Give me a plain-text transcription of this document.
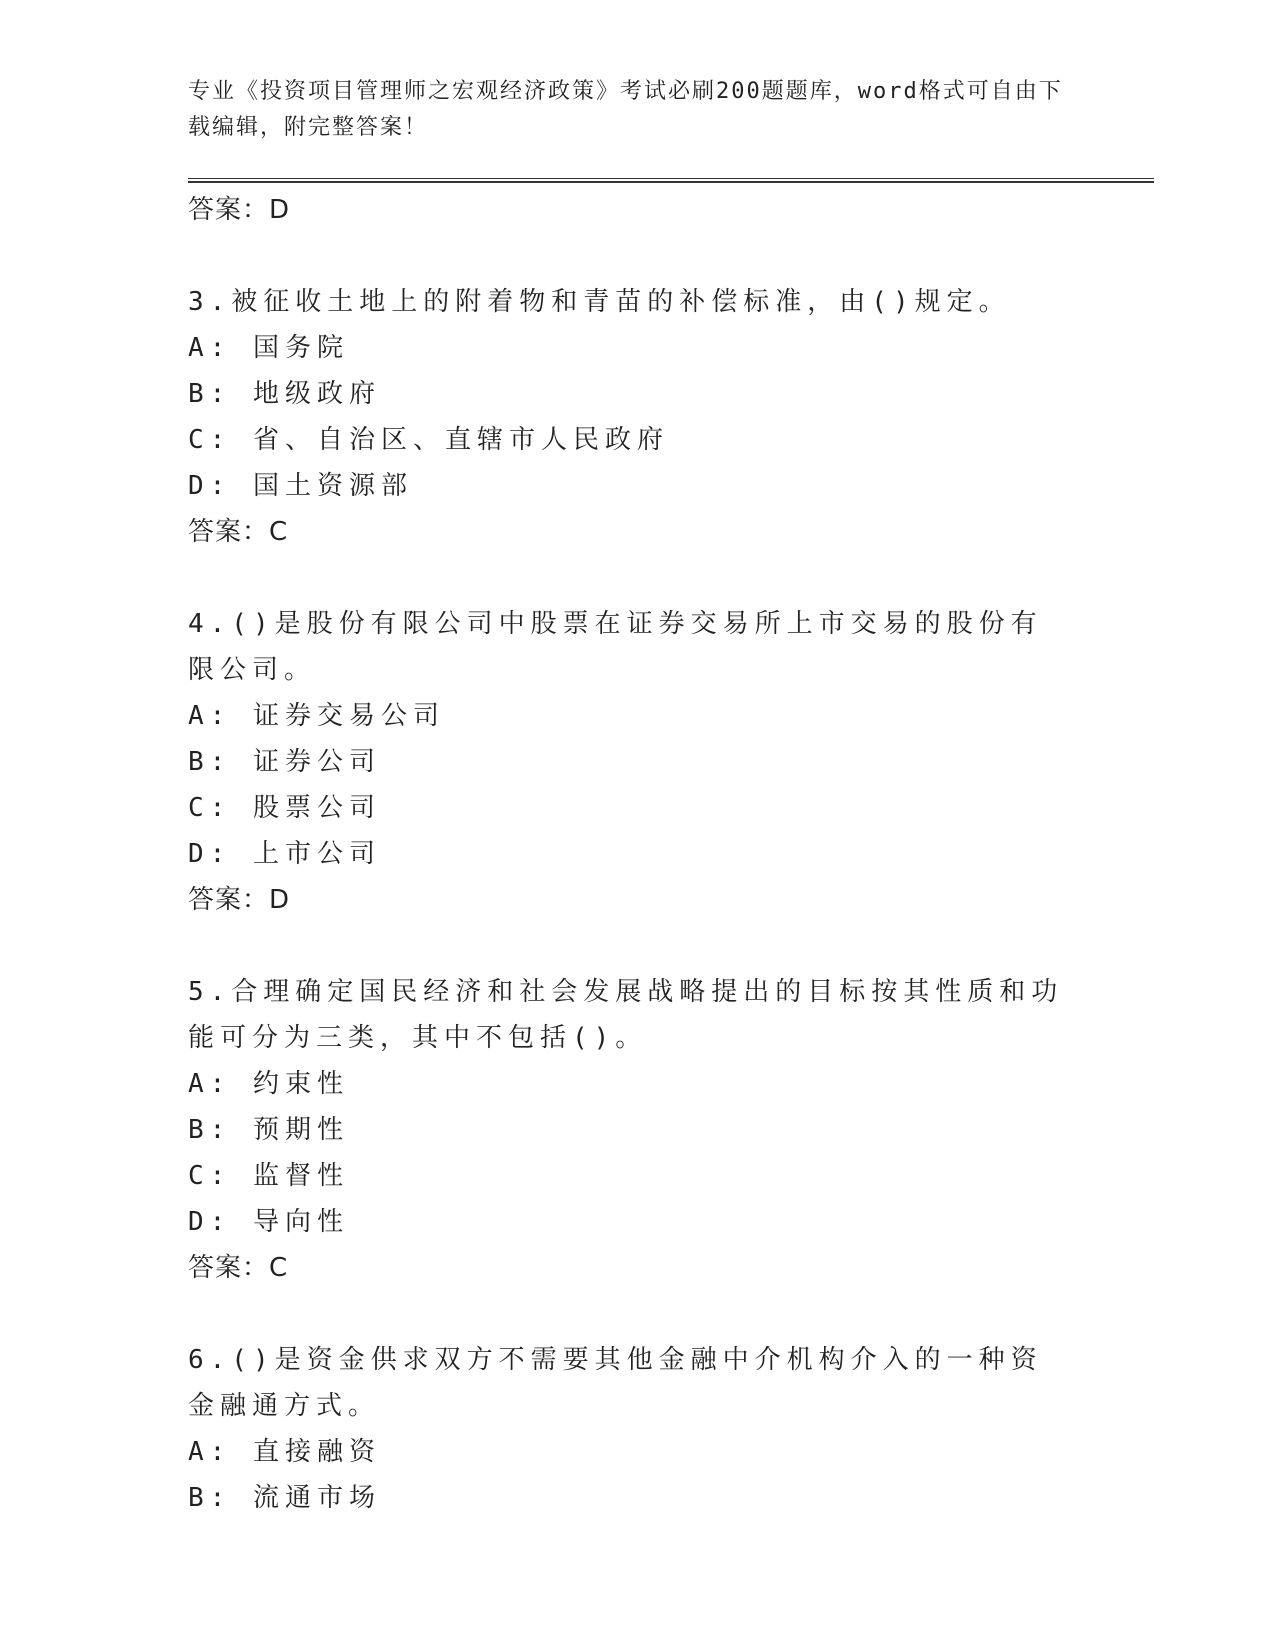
专业《投资项目管理师之宏观经济政策》考试必刷200题题库，word格式可自由下载编辑，附完整答案！
答案：D
3.被征收土地上的附着物和青苗的补偿标准，由()规定。
A: 国务院
B: 地级政府
C: 省、自治区、直辖市人民政府
D: 国土资源部
答案：C
4.()是股份有限公司中股票在证券交易所上市交易的股份有限公司。
A: 证券交易公司
B: 证券公司
C: 股票公司
D: 上市公司
答案：D
5.合理确定国民经济和社会发展战略提出的目标按其性质和功能可分为三类，其中不包括()。
A: 约束性
B: 预期性
C: 监督性
D: 导向性
答案：C
6.()是资金供求双方不需要其他金融中介机构介入的一种资金融通方式。
A: 直接融资
B: 流通市场
